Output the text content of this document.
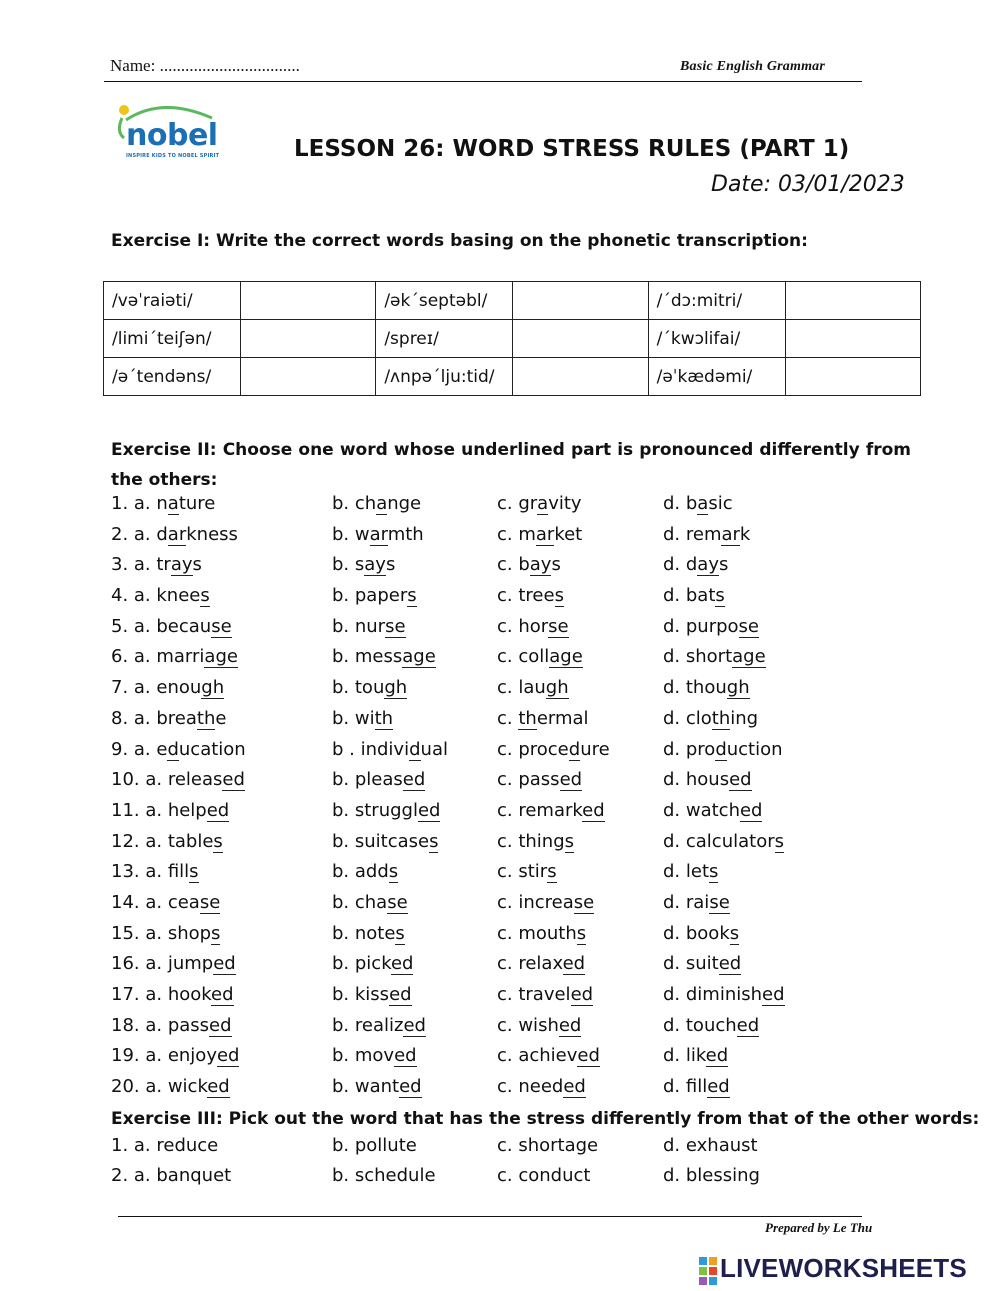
Name: .................................	Basic English Grammar
nobel
INSPIRE KIDS TO NOBEL SPIRIT	LESSON 26: WORD STRESS RULES (PART 1)
Date: 03/01/2023
Exercise I: Write the correct words basing on the phonetic transcription:
/vəˈraiəti/		/əkˊseptəbl/		/ˊdɔ:mitri/	
/limiˊteiʃən/		/spreɪ/		/ˊkwɔlifai/	
/əˊtendəns/		/ʌnpəˊlju:tid/		/əˈkædəmi/	
Exercise II: Choose one word whose underlined part is pronounced differently from the others:
1. a. nature	b. change	c. gravity	d. basic
2. a. darkness	b. warmth	c. market	d. remark
3. a. trays	b. says	c. bays	d. days
4. a. knees	b. papers	c. trees	d. bats
5. a. because	b. nurse	c. horse	d. purpose
6. a. marriage	b. message	c. collage	d. shortage
7. a. enough	b. tough	c. laugh	d. though
8. a. breathe	b. with	c. thermal	d. clothing
9. a. education	b . individual	c. procedure	d. production
10. a. released	b. pleased	c. passed	d. housed
11. a. helped	b. struggled	c. remarked	d. watched
12. a. tables	b. suitcases	c. things	d. calculators
13. a. fills	b. adds	c. stirs	d. lets
14. a. cease	b. chase	c. increase	d. raise
15. a. shops	b. notes	c. mouths	d. books
16. a. jumped	b. picked	c. relaxed	d. suited
17. a. hooked	b. kissed	c. traveled	d. diminished
18. a. passed	b. realized	c. wished	d. touched
19. a. enjoyed	b. moved	c. achieved	d. liked
20. a. wicked	b. wanted	c. needed	d. filled
Exercise III: Pick out the word that has the stress differently from that of the other words:
1. a. reduce	b. pollute	c. shortage	d. exhaust
2. a. banquet	b. schedule	c. conduct	d. blessing
Prepared by Le Thu
LIVEWORKSHEETS
